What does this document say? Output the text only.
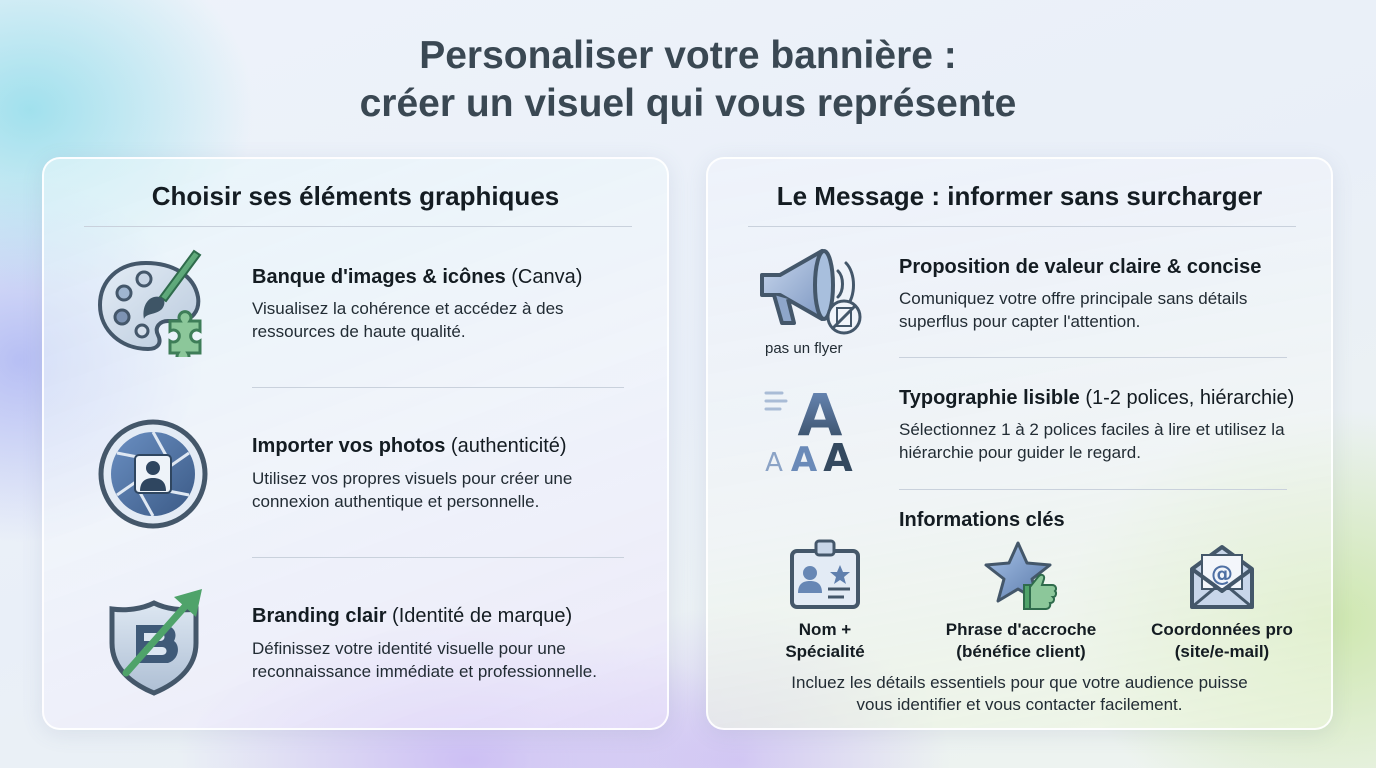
Personaliser votre bannière :
créer un visuel qui vous représente
Choisir ses éléments graphiques
Banque d'images & icônes (Canva)
Visualisez la cohérence et accédez à des ressources de haute qualité.
Importer vos photos (authenticité)
Utilisez vos propres visuels pour créer une connexion authentique et personnelle.
Branding clair (Identité de marque)
Définissez votre identité visuelle pour une reconnaissance immédiate et professionnelle.
Le Message : informer sans surcharger
pas un flyer
Proposition de valeur claire & concise
Comuniquez votre offre principale sans détails superflus pour capter l'attention.
A
A A A
Typographie lisible (1-2 polices, hiérarchie)
Sélectionnez 1 à 2 polices faciles à lire et utilisez la hiérarchie pour guider le regard.
Informations clés
Nom +
Spécialité
Phrase d'accroche
(bénéfice client)
@
Coordonnées pro
(site/e-mail)
Incluez les détails essentiels pour que votre audience puisse
vous identifier et vous contacter facilement.
